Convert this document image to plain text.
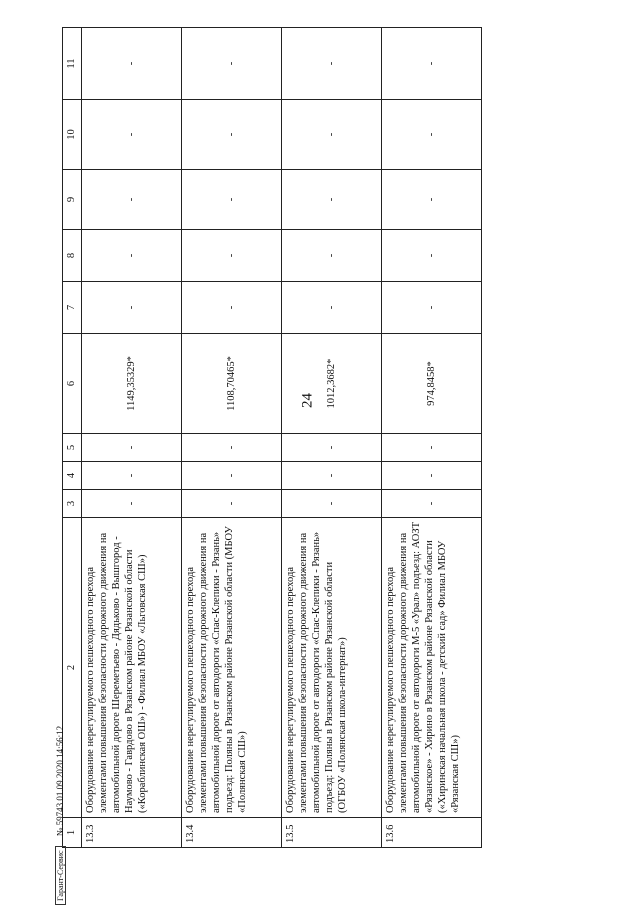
24
1	2	3	4	5	6	7	8	9	10	11
13.3	Оборудование нерегулируемого пешеходного перехода элементами повышения безопасности дорожного движения на автомобильной дороге Шереметьево - Дядьково - Вышгород - Наумово - Гаврдово в Рязанском районе Рязанской области («Кораблинская ОШ») - Филиал МБОУ «Льговская СШ»)	-	-	-	1149,35329*	-	-	-	-	-
13.4	Оборудование нерегулируемого пешеходного перехода элементами повышения безопасности дорожного движения на автомобильной дороге от автодороги «Спас-Клепики - Рязань» подъезд: Поляны в Рязанском районе Рязанской области (МБОУ «Полянская СШ»)	-	-	-	1108,70465*	-	-	-	-	-
13.5	Оборудование нерегулируемого пешеходного перехода элементами повышения безопасности дорожного движения на автомобильной дороге от автодороги «Спас-Клепики - Рязань» подъезд: Поляны в Рязанском районе Рязанской области (ОГБОУ «Полянская школа-интернат»)	-	-	-	1012,3682*	-	-	-	-	-
13.6	Оборудование нерегулируемого пешеходного перехода элементами повышения безопасности дорожного движения на автомобильной дороге от автодороги М-5 «Урал» подъезд: АОЗТ «Рязанское» - Хирино в Рязанском районе Рязанской области («Хиринская начальная школа - детский сад» Филиал МБОУ «Рязанская СШ»)	-	-	-	974,8458*	-	-	-	-	-
Гарант-Сервис № 59743 01.09.2020 14:56:12
